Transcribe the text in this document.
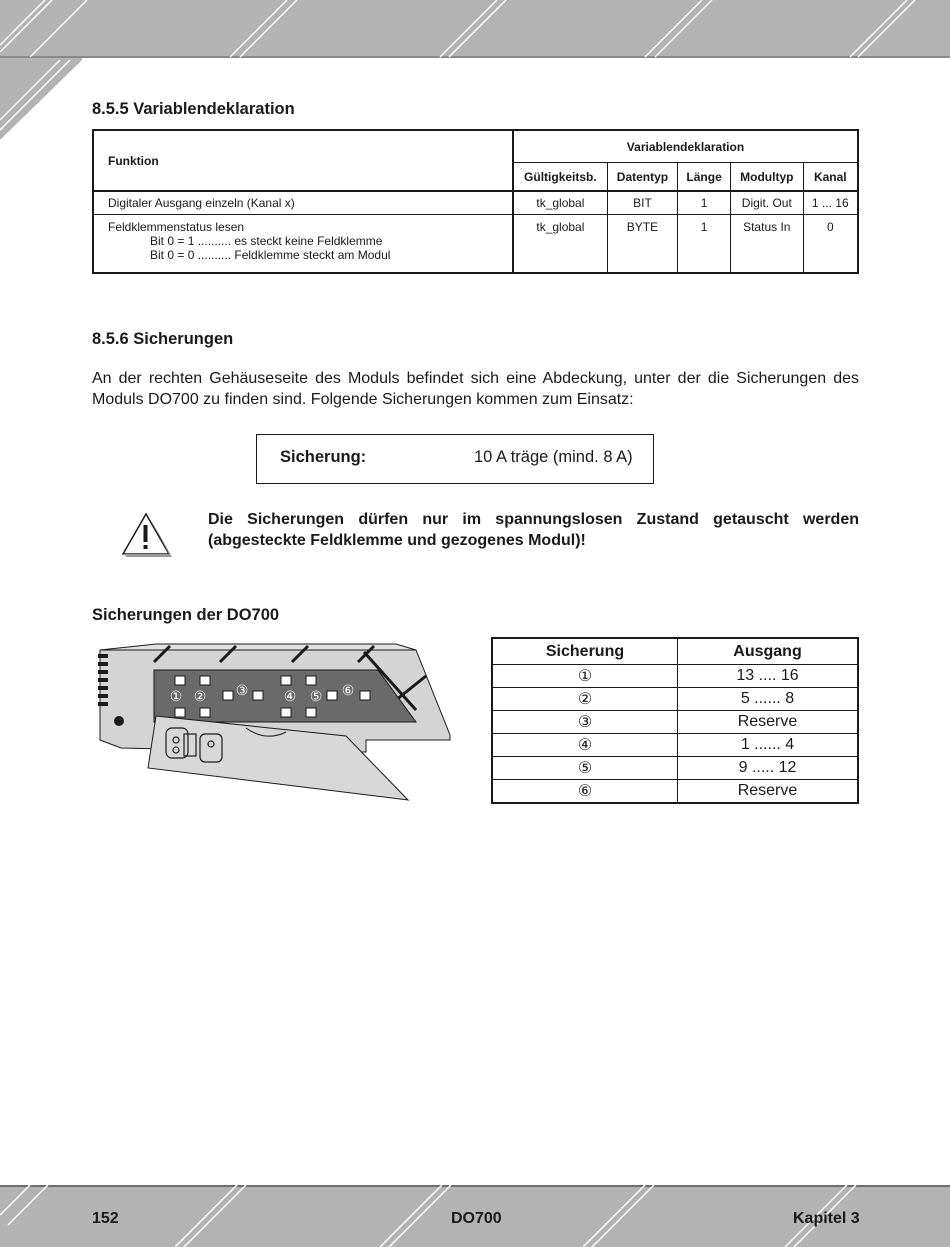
8.5.5 Variablendeklaration
Funktion	Variablendeklaration				
	Gültigkeitsb.	Datentyp	Länge	Modultyp	Kanal
Digitaler Ausgang einzeln (Kanal x)	tk_global	BIT	1	Digit. Out	1 ... 16

Feldklemmenstatus lesen
Bit 0 = 1 .......... es steckt keine Feldklemme
Bit 0 = 0 .......... Feldklemme steckt am Modul	tk_global	BYTE	1	Status In	0
8.5.6 Sicherungen

An der rechten Gehäuseseite des Moduls befindet sich eine Abdeckung, unter der die Sicherungen des Moduls DO700 zu finden sind. Folgende Sicherungen kommen zum Einsatz:

Sicherung:	10 A träge (mind. 8 A)

Die Sicherungen dürfen nur im spannungslosen Zustand getauscht werden (abgesteckte Feldklemme und gezogenes Modul)!

Sicherungen der DO700
① ② ③	④ ⑤ ⑥
Sicherung	Ausgang
①	13 .... 16
②	5 ...... 8
③	Reserve
④	1 ...... 4
⑤	9 ..... 12
⑥	Reserve
152	DO700	Kapitel 3
